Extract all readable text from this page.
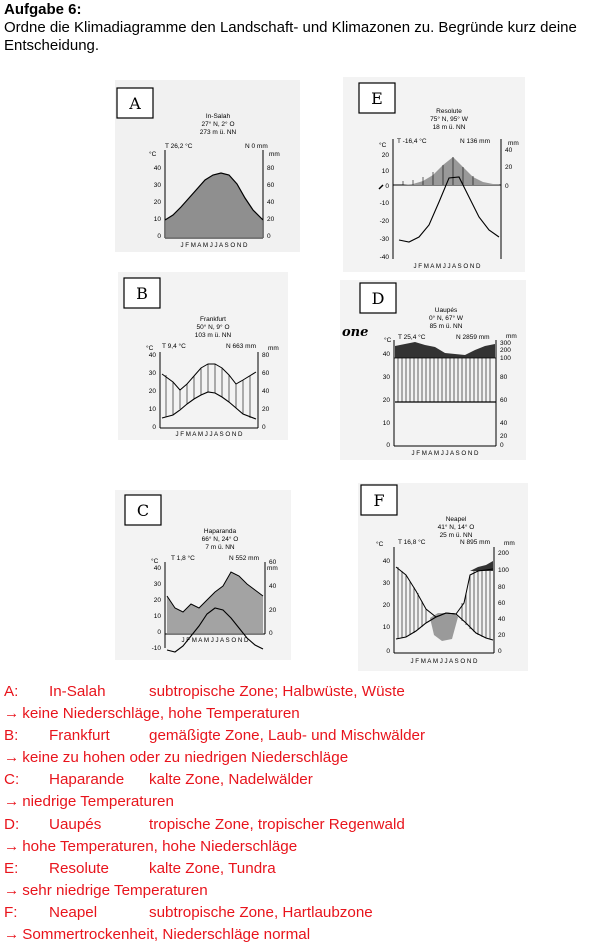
Aufgabe 6:
Ordne die Klimadiagramme den Landschaft- und Klimazonen zu. Begründe kurz deine Entscheidung.
A
In-Salah
27° N, 2° O
273 m ü. NN
T 26,2 °C	N 0 mm
°C	mm
40
30
20
10
0
80
60
40
20
0
J F M A M J J A S O N D
E
Resolute
75° N, 95° W
18 m ü. NN
T -16,4 °C	N 136 mm
°C	mm
20
10
0
-10
-20
-30
-40
40
20
0
J F M A M J J A S O N D
B
Frankfurt
50° N, 9° O
103 m ü. NN
T 9,4 °C	N 663 mm
°C	mm
40
30
20
10
0
80
60
40
20
0
J F M A M J J A S O N D
D
one
Uaupés
0° N, 67° W
85 m ü. NN
T 25,4 °C	N 2859 mm
°C
mm
40
30
20
10
0
300
200
100
80
60
40
20
0
J F M A M J J A S O N D
C
Haparanda
66° N, 24° O
7 m ü. NN
T 1,8 °C	N 552 mm
°C
mm
40
30
20
10
0
-10
60
40
20
0
J F M A M J J A S O N D
F
Neapel
41° N, 14° O
25 m ü. NN
T 16,8 °C	N 895 mm
°C	mm
40
30
20
10
0
200
100
80
60
40
20
0
J F M A M J J A S O N D
A: In-Salah	subtropische Zone; Halbwüste, Wüste
→ keine Niederschläge, hohe Temperaturen
B: Frankfurt	gemäßigte Zone, Laub- und Mischwälder
→ keine zu hohen oder zu niedrigen Niederschläge
C: Haparande kalte Zone, Nadelwälder
→ niedrige Temperaturen
D: Uaupés	tropische Zone, tropischer Regenwald
→ hohe Temperaturen, hohe Niederschläge
E: Resolute	kalte Zone, Tundra
→ sehr niedrige Temperaturen
F: Neapel	subtropische Zone, Hartlaubzone
→ Sommertrockenheit, Niederschläge normal
